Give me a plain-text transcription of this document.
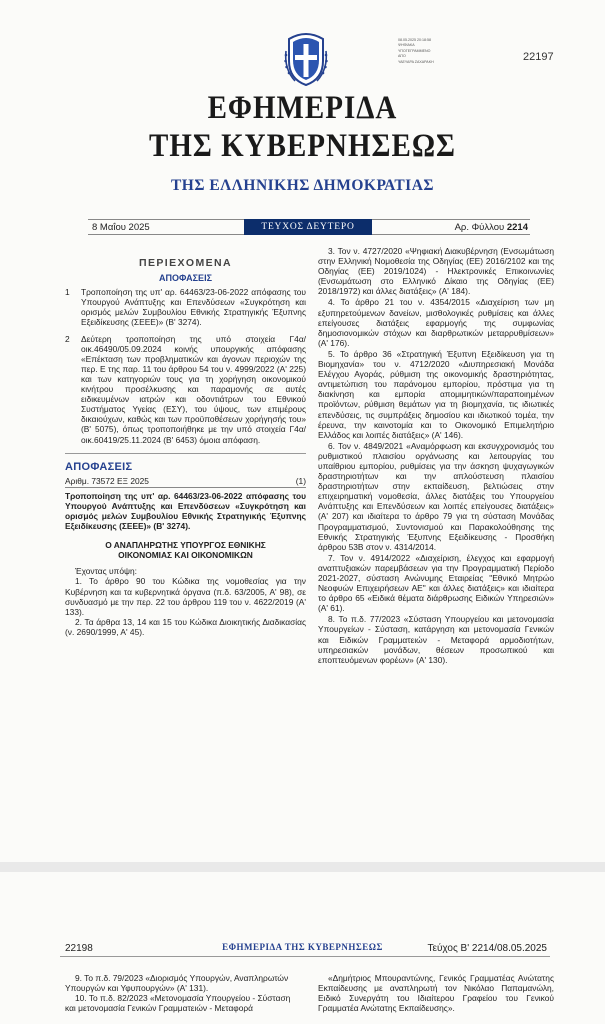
08.05.2025 20:18:58
ΨΗΦΙΑΚΑ
ΥΠΟΓΕΓΡΑΜΜΕΝΟ
ΑΠΟ
ΥΑΕΥΑΡΑ ΖΑΧΑΡΑΚΗ	22197
ΕΦΗΜΕΡΙΔΑ
ΤΗΣ ΚΥΒΕΡΝΗΣΕΩΣ
ΤΗΣ ΕΛΛΗΝΙΚΗΣ ΔΗΜΟΚΡΑΤΙΑΣ
8 Μαΐου 2025	ΤΕΥΧΟΣ ΔΕΥΤΕΡΟ	Αρ. Φύλλου 2214
ΠΕΡΙΕΧΟΜΕΝΑ
ΑΠΟΦΑΣΕΙΣ
1	Τροποποίηση της υπ' αρ. 64463/23-06-2022 απόφασης του Υπουργού Ανάπτυξης και Επενδύσεων «Συγκρότηση και ορισμός μελών Συμβουλίου Εθνικής Στρατηγικής Έξυπνης Εξειδίκευσης (ΣΕΕΕ)» (Β' 3274).
2	Δεύτερη τροποποίηση της υπό στοιχεία Γ4α/οικ.46490/05.09.2024 κοινής υπουργικής απόφασης «Επέκταση των προβληματικών και άγονων περιοχών της περ. Ε της παρ. 11 του άρθρου 54 του ν. 4999/2022 (Α' 225) και των κατηγοριών τους για τη χορήγηση οικονομικού κινήτρου προσέλκυσης και παραμονής σε αυτές ειδικευμένων ιατρών και οδοντιάτρων του Εθνικού Συστήματος Υγείας (ΕΣΥ), του ύψους, των επιμέρους δικαιούχων, καθώς και των προϋποθέσεων χορήγησής του» (Β' 5075), όπως τροποποιήθηκε με την υπό στοιχεία Γ4α/οικ.60419/25.11.2024 (Β' 6453) όμοια απόφαση.
ΑΠΟΦΑΣΕΙΣ
Αριθμ. 73572 ΕΞ 2025	(1)

Τροποποίηση της υπ' αρ. 64463/23-06-2022 απόφασης του Υπουργού Ανάπτυξης και Επενδύσεων «Συγκρότηση και ορισμός μελών Συμβουλίου Εθνικής Στρατηγικής Έξυπνης Εξειδίκευσης (ΣΕΕΕ)» (Β' 3274).

Ο ΑΝΑΠΛΗΡΩΤΗΣ ΥΠΟΥΡΓΟΣ ΕΘΝΙΚΗΣ
ΟΙΚΟΝΟΜΙΑΣ ΚΑΙ ΟΙΚΟΝΟΜΙΚΩΝ

Έχοντας υπόψη:

1. Το άρθρο 90 του Κώδικα της νομοθεσίας για την Κυβέρνηση και τα κυβερνητικά όργανα (π.δ. 63/2005, Α' 98), σε συνδυασμό με την περ. 22 του άρθρου 119 του ν. 4622/2019 (Α' 133).

2. Τα άρθρα 13, 14 και 15 του Κώδικα Διοικητικής Διαδικασίας (ν. 2690/1999, Α' 45).

3. Τον ν. 4727/2020 «Ψηφιακή Διακυβέρνηση (Ενσωμάτωση στην Ελληνική Νομοθεσία της Οδηγίας (ΕΕ) 2016/2102 και της Οδηγίας (ΕΕ) 2019/1024) - Ηλεκτρονικές Επικοινωνίες (Ενσωμάτωση στο Ελληνικό Δίκαιο της Οδηγίας (ΕΕ) 2018/1972) και άλλες διατάξεις» (Α' 184).

4. Το άρθρο 21 του ν. 4354/2015 «Διαχείριση των μη εξυπηρετούμενων δανείων, μισθολογικές ρυθμίσεις και άλλες επείγουσες διατάξεις εφαρμογής της συμφωνίας δημοσιονομικών στόχων και διαρθρωτικών μεταρρυθμίσεων» (Α' 176).

5. Το άρθρο 36 «Στρατηγική Έξυπνη Εξειδίκευση για τη Βιομηχανία» του ν. 4712/2020 «Διυπηρεσιακή Μονάδα Ελέγχου Αγοράς, ρύθμιση της οικονομικής δραστηριότητας, αντιμετώπιση του παράνομου εμπορίου, πρόστιμα για τη διακίνηση και εμπορία απομιμητικών/παραποιημένων προϊόντων, ρύθμιση θεμάτων για τη βιομηχανία, τις ιδιωτικές επενδύσεις, τις συμπράξεις δημοσίου και ιδιωτικού τομέα, την έρευνα, την καινοτομία και το Οικονομικό Επιμελητήριο Ελλάδος και λοιπές διατάξεις» (Α' 146).

6. Τον ν. 4849/2021 «Αναμόρφωση και εκσυγχρονισμός του ρυθμιστικού πλαισίου οργάνωσης και λειτουργίας του υπαίθριου εμπορίου, ρυθμίσεις για την άσκηση ψυχαγωγικών δραστηριοτήτων και την απλούστευση πλαισίου δραστηριοτήτων στην εκπαίδευση, βελτιώσεις στην επιχειρηματική νομοθεσία, άλλες διατάξεις του Υπουργείου Ανάπτυξης και Επενδύσεων και λοιπές επείγουσες διατάξεις» (Α' 207) και ιδιαίτερα το άρθρο 79 για τη σύσταση Μονάδας Προγραμματισμού, Συντονισμού και Παρακολούθησης της Εθνικής Στρατηγικής Έξυπνης Εξειδίκευσης - Προσθήκη άρθρου 53Β στον ν. 4314/2014.

7. Τον ν. 4914/2022 «Διαχείριση, έλεγχος και εφαρμογή αναπτυξιακών παρεμβάσεων για την Προγραμματική Περίοδο 2021-2027, σύσταση Ανώνυμης Εταιρείας "Εθνικό Μητρώο Νεοφυών Επιχειρήσεων ΑΕ" και άλλες διατάξεις» και ιδιαίτερα το άρθρο 65 «Ειδικά θέματα διάρθρωσης Ειδικών Υπηρεσιών» (Α' 61).

8. Το π.δ. 77/2023 «Σύσταση Υπουργείου και μετονομασία Υπουργείων - Σύσταση, κατάργηση και μετονομασία Γενικών και Ειδικών Γραμματειών - Μεταφορά αρμοδιοτήτων, υπηρεσιακών μονάδων, θέσεων προσωπικού και εποπτευόμενων φορέων» (Α' 130).

22198	ΕΦΗΜΕΡΙΔΑ ΤΗΣ ΚΥΒΕΡΝΗΣΕΩΣ	Τεύχος Β' 2214/08.05.2025

9. Το π.δ. 79/2023 «Διορισμός Υπουργών, Αναπληρωτών Υπουργών και Υφυπουργών» (Α' 131).

10. Το π.δ. 82/2023 «Μετονομασία Υπουργείου - Σύσταση και μετονομασία Γενικών Γραμματειών - Μεταφορά

«Δημήτριος Μπουραντώνης, Γενικός Γραμματέας Ανώτατης Εκπαίδευσης με αναπληρωτή τον Νικόλαο Παπαμανώλη, Ειδικό Συνεργάτη του Ιδιαίτερου Γραφείου του Γενικού Γραμματέα Ανώτατης Εκπαίδευσης».
